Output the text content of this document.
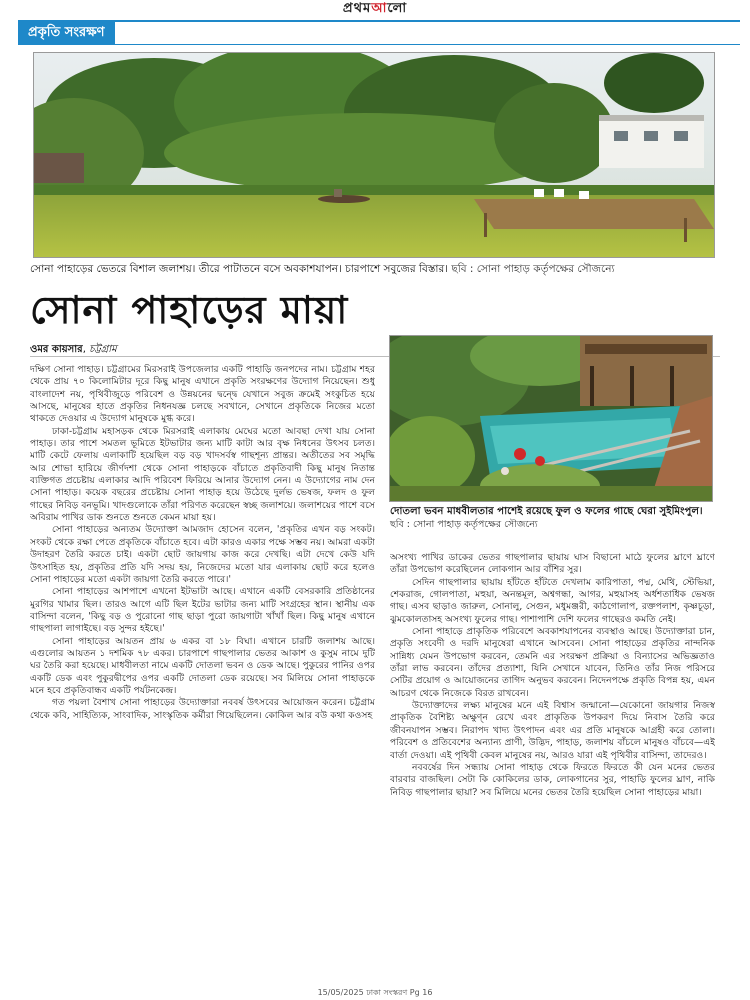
প্রথমআলো
প্রকৃতি সংরক্ষণ
সোনা পাহাড়ের ভেতরে বিশাল জলাশয়। তীরে পাটাতনে বসে অবকাশযাপন। চারপাশে সবুজের বিস্তার। ছবি : সোনা পাহাড় কর্তৃপক্ষের সৌজন্যে
সোনা পাহাড়ের মায়া
ওমর কায়সার, চট্টগ্রাম

দক্ষিণ সোনা পাহাড়। চট্টগ্রামের মিরসরাই উপজেলার একটি পাহাড়ি জনপদের নাম। চট্টগ্রাম শহর থেকে প্রায় ৭০ কিলোমিটার দূরে কিছু মানুষ এখানে প্রকৃতি সংরক্ষণের উদ্যোগ নিয়েছেন। শুধু বাংলাদেশ নয়, পৃথিবীজুড়ে পরিবেশ ও উন্নয়নের দ্বন্দ্বে যেখানে সবুজ ক্রমেই সংকুচিত হয়ে আসছে, মানুষের হাতে প্রকৃতির নিধনযজ্ঞ চলছে সবখানে, সেখানে প্রকৃতিকে নিজের মতো থাকতে দেওয়ার এ উদ্যোগ মানুষকে মুগ্ধ করে।

ঢাকা-চট্টগ্রাম মহাসড়ক থেকে মিরসরাই এলাকায় মেঘের মতো আবছা দেখা যায় সোনা পাহাড়। তার পাশে সমতল ভূমিতে ইটভাটার জন্য মাটি কাটা আর বৃক্ষ নিধনের উৎসব চলত। মাটি কেটে ফেলায় এলাকাটি হয়েছিল বড় বড় খাদসর্বস্ব গাছশূন্য প্রান্তর। অতীতের সব সমৃদ্ধি আর শোভা হারিয়ে জীর্ণদশা থেকে সোনা পাহাড়কে বাঁচাতে প্রকৃতিবাদী কিছু মানুষ নিতান্ত ব্যক্তিগত প্রচেষ্টায় এলাকার আদি পরিবেশ ফিরিয়ে আনার উদ্যোগ নেন। এ উদ্যোগের নাম দেন সোনা পাহাড়। কয়েক বছরের প্রচেষ্টায় সোনা পাহাড় হয়ে উঠেছে দুর্লভ ভেষজ, ফলদ ও ফুল গাছের নিবিড় বনভূমি। খাদগুলোকে তাঁরা পরিণত করেছেন স্বচ্ছ জলাশয়ে। জলাশয়ের পাশে বসে অবিরাম পাখির ডাক শুনতে শুনতে কেমন মায়া হয়।

সোনা পাহাড়ের অন্যতম উদ্যোক্তা আমজাদ হোসেন বলেন, 'প্রকৃতির এখন বড় সংকট। সংকট থেকে রক্ষা পেতে প্রকৃতিকে বাঁচাতে হবে। এটা কারও একার পক্ষে সম্ভব নয়। আমরা একটা উদাহরণ তৈরি করতে চাই। একটা ছোট জায়গায় কাজ করে দেখছি। এটা দেখে কেউ যদি উৎসাহিত হয়, প্রকৃতির প্রতি যদি সদয় হয়, নিজেদের মতো যার এলাকায় ছোট করে হলেও সোনা পাহাড়ের মতো একটা জায়গা তৈরি করতে পারে।'

সোনা পাহাড়ের আশপাশে এখনো ইটভাটা আছে। এখানে একটি বেসরকারি প্রতিষ্ঠানের মুরগির খামার ছিল। তারও আগে এটি ছিল ইটের ভাটার জন্য মাটি সংগ্রহের স্থান। স্থানীয় এক বাসিন্দা বলেন, 'কিছু বড় ও পুরোনো গাছ ছাড়া পুরো জায়গাটা খাঁখাঁ ছিল। কিছু মানুষ এখানে গাছপালা লাগাইছে। বড় সুন্দর হইছে।'

সোনা পাহাড়ের আয়তন প্রায় ৬ একর বা ১৮ বিঘা। এখানে চারটি জলাশয় আছে। এগুলোর আয়তন ১ দশমিক ৭৮ একর। চারপাশে গাছপালার ভেতর আকাশ ও কুসুম নামে দুটি ঘর তৈরি করা হয়েছে। মাধবীলতা নামে একটি দোতলা ভবন ও ডেক আছে। পুকুরের পানির ওপর একটি ডেক এবং পুকুরদ্বীপের ওপর একটি দোতলা ডেক রয়েছে। সব মিলিয়ে সোনা পাহাড়কে মনে হবে প্রকৃতিবান্ধব একটি পর্যটনকেন্দ্র।

গত পয়লা বৈশাখ সোনা পাহাড়ের উদ্যোক্তারা নববর্ষ উৎসবের আয়োজন করেন। চট্টগ্রাম থেকে কবি, সাহিত্যিক, সাংবাদিক, সাংস্কৃতিক কর্মীরা গিয়েছিলেন। কোকিল আর বউ কথা কওসহ

দোতলা ভবন মাধবীলতার পাশেই রয়েছে ফুল ও ফলের গাছে ঘেরা সুইমিংপুল।
ছবি : সোনা পাহাড় কর্তৃপক্ষের সৌজন্যে

অসংখ্য পাখির ডাকের ভেতর গাছপালার ছায়ায় ঘাস বিছানো মাঠে ফুলের ঘ্রাণে ঘ্রাণে তাঁরা উপভোগ করেছিলেন লোকগান আর বাঁশির সুর।

সেদিন গাছপালার ছায়ায় হাঁটতে হাঁটতে দেখলাম কারিপাতা, পদ্ম, মেথি, স্টেভিয়া, শেকরাজ, গোলপাতা, মহুয়া, অনন্তমূল, অশ্বগন্ধা, আগর, মহুয়াসহ অর্ধশতাধিক ভেষজ গাছ। এসব ছাড়াও জারুল, সোনালু, সেগুন, মধুমঞ্জরী, কাঠগোলাপ, রক্তপলাশ, কৃষ্ণচূড়া, ঝুমকোলতাসহ অসংখ্য ফুলের গাছ। পাশাপাশি দেশি ফলের গাছেরও কমতি নেই।

সোনা পাহাড়ে প্রাকৃতিক পরিবেশে অবকাশযাপনের ব্যবস্থাও আছে। উদ্যোক্তারা চান, প্রকৃতি সংবেদী ও দরদি মানুষেরা এখানে আসবেন। সোনা পাহাড়ের প্রকৃতির নান্দনিক সান্নিধ্য যেমন উপভোগ করবেন, তেমনি এর সংরক্ষণ প্রক্রিয়া ও বিন্যাসের অভিজ্ঞতাও তাঁরা লাভ করবেন। তাঁদের প্রত্যাশা, যিনি সেখানে যাবেন, তিনিও তাঁর নিজ পরিসরে সেটির প্রয়োগ ও আয়োজনের তাগিদ অনুভব করবেন। নিদেনপক্ষে প্রকৃতি বিপন্ন হয়, এমন আচরণ থেকে নিজেকে বিরত রাখবেন।

উদ্যোক্তাদের লক্ষ্য মানুষের মনে এই বিশ্বাস জন্মানো—যেকোনো জায়গার নিজস্ব প্রাকৃতিক বৈশিষ্ট্য অক্ষুণ্ন রেখে এবং প্রাকৃতিক উপকরণ দিয়ে নিবাস তৈরি করে জীবনযাপন সম্ভব। নিরাপদ খাদ্য উৎপাদন এবং এর প্রতি মানুষকে আগ্রহী করে তোলা। পরিবেশ ও প্রতিবেশের অন্যান্য প্রাণী, উদ্ভিদ, পাহাড়, জলাশয় বাঁচলে মানুষও বাঁচবে—এই বার্তা দেওয়া। এই পৃথিবী কেবল মানুষের নয়, আরও যারা এই পৃথিবীর বাসিন্দা, তাদেরও।

নববর্ষের দিন সন্ধ্যায় সোনা পাহাড় থেকে ফিরতে ফিরতে কী যেন মনের ভেতর বারবার বাজছিল। সেটা কি কোকিলের ডাক, লোকগানের সুর, পাহাড়ি ফুলের ঘ্রাণ, নাকি নিবিড় গাছপালার ছায়া? সব মিলিয়ে মনের ভেতর তৈরি হয়েছিল সোনা পাহাড়ের মায়া।

15/05/2025 ঢাকা সংস্করণ Pg 16
